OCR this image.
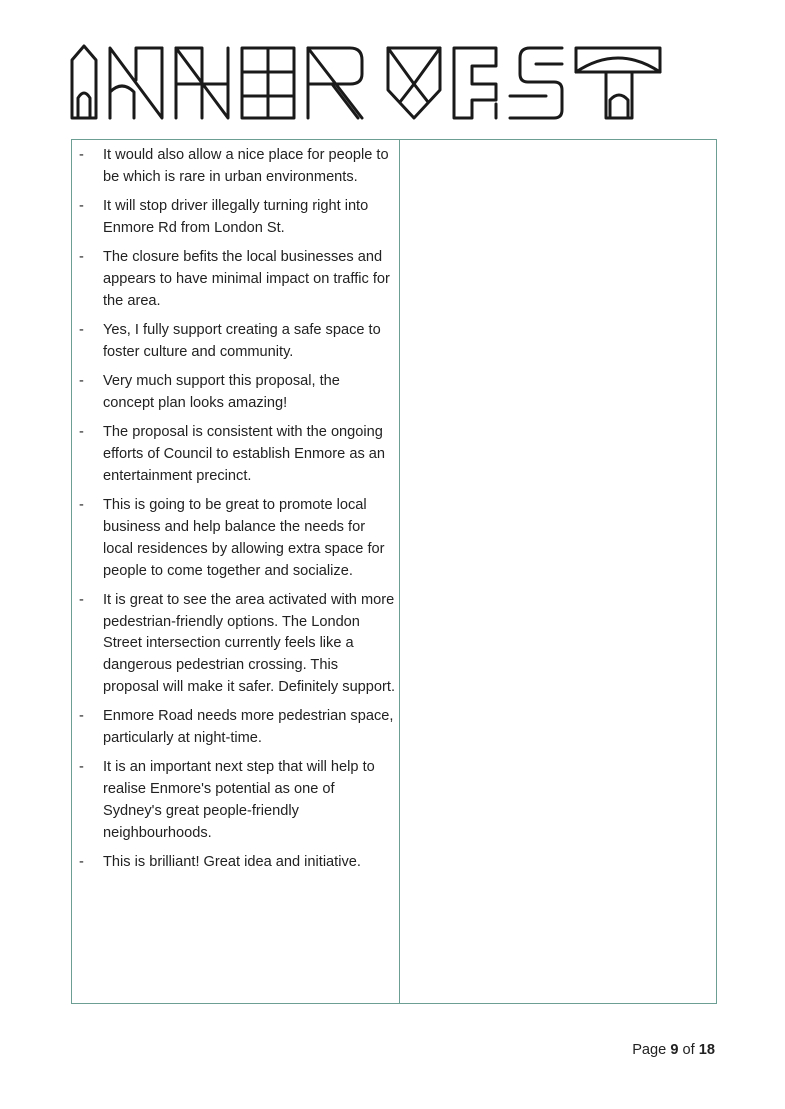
- It would also allow a nice place for people to be which is rare in urban environments.
- It will stop driver illegally turning right into Enmore Rd from London St.
- The closure befits the local businesses and appears to have minimal impact on traffic for the area.
- Yes, I fully support creating a safe space to foster culture and community.
- Very much support this proposal, the concept plan looks amazing!
- The proposal is consistent with the ongoing efforts of Council to establish Enmore as an entertainment precinct.
- This is going to be great to promote local business and help balance the needs for local residences by allowing extra space for people to come together and socialize.
- It is great to see the area activated with more pedestrian-friendly options. The London Street intersection currently feels like a dangerous pedestrian crossing. This proposal will make it safer. Definitely support.
- Enmore Road needs more pedestrian space, particularly at night-time.
- It is an important next step that will help to realise Enmore's potential as one of Sydney's great people-friendly neighbourhoods.
- This is brilliant! Great idea and initiative.
Page 9 of 18
